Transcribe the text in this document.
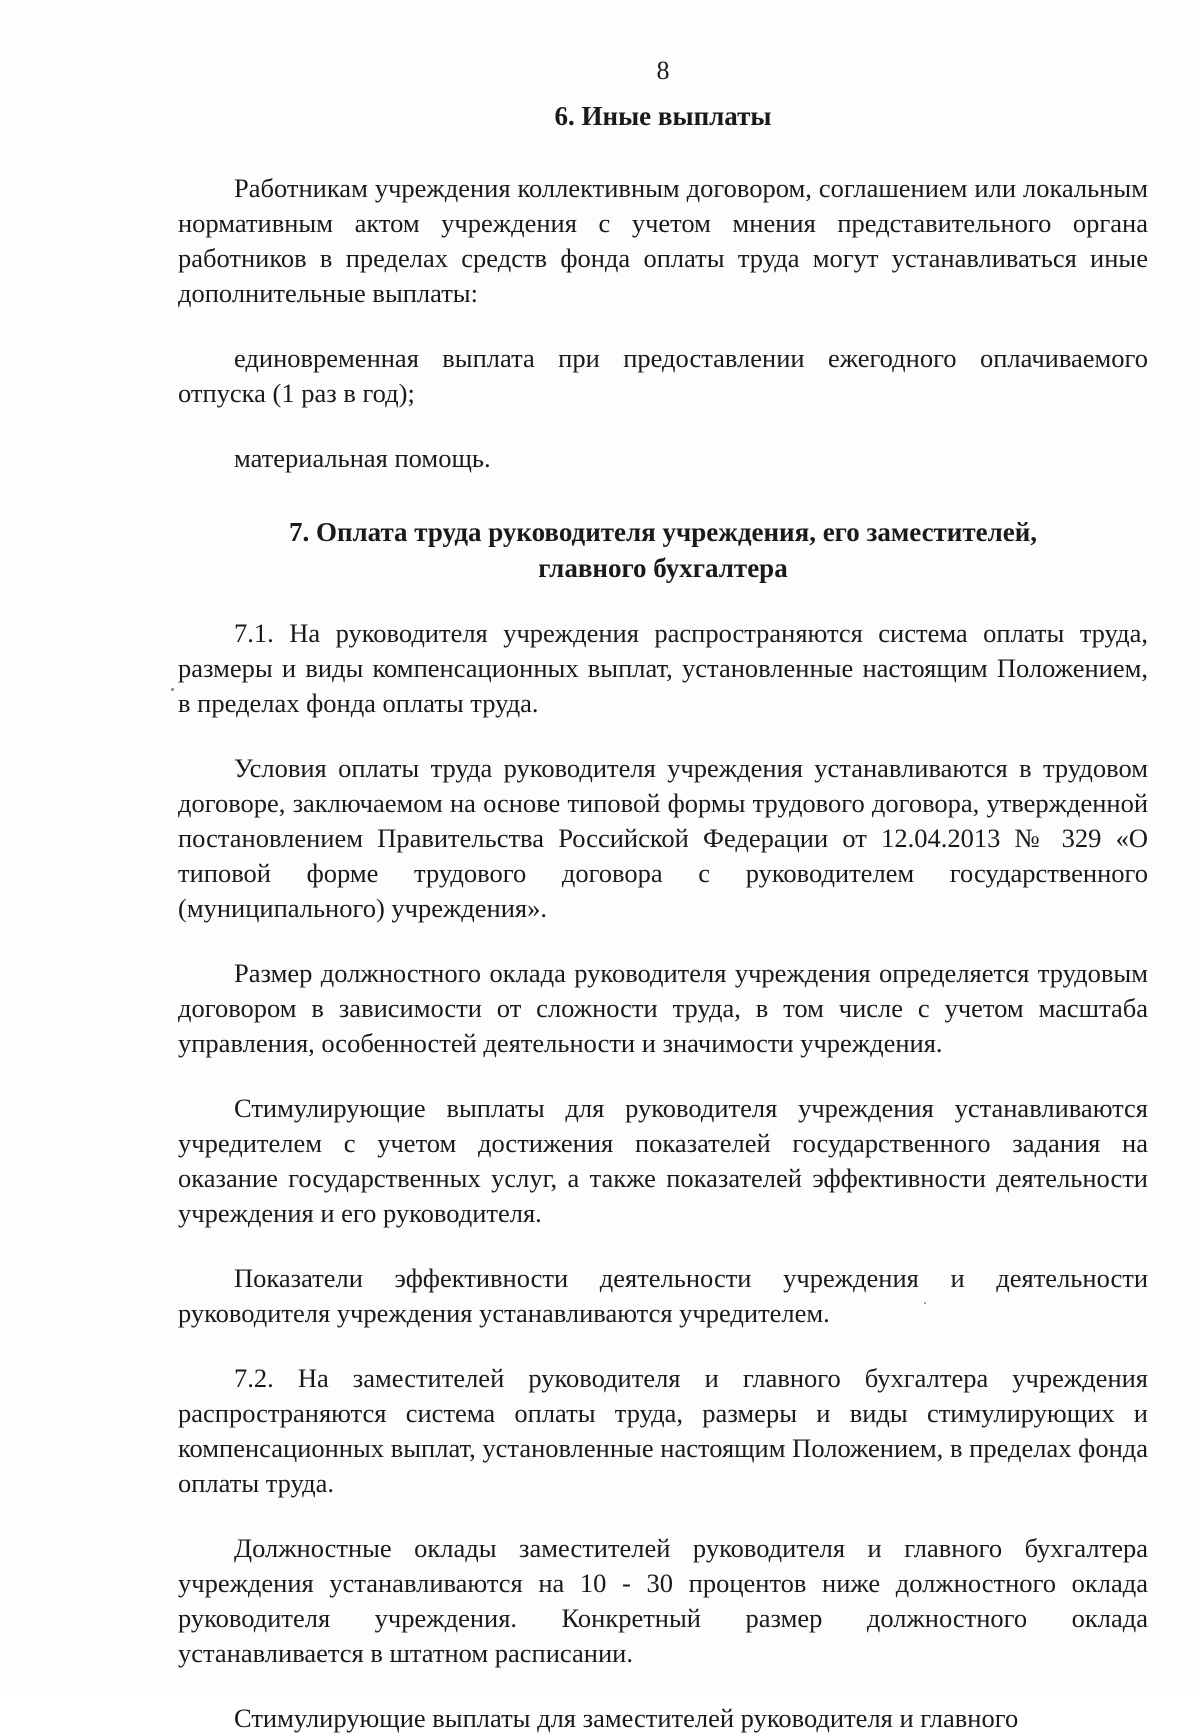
8
6. Иные выплаты

Работникам учреждения коллективным договором, соглашением или локальным нормативным актом учреждения с учетом мнения представительного органа работников в пределах средств фонда оплаты труда могут устанавливаться иные дополнительные выплаты:

единовременная выплата при предоставлении ежегодного оплачиваемого отпуска (1 раз в год);

материальная помощь.

7. Оплата труда руководителя учреждения, его заместителей,
главного бухгалтера

7.1. На руководителя учреждения распространяются система оплаты труда, размеры и виды компенсационных выплат, установленные настоящим Положением, в пределах фонда оплаты труда.

Условия оплаты труда руководителя учреждения устанавливаются в трудовом договоре, заключаемом на основе типовой формы трудового договора, утвержденной постановлением Правительства Российской Федерации от 12.04.2013 № 329 «О типовой форме трудового договора с руководителем государственного (муниципального) учреждения».

Размер должностного оклада руководителя учреждения определяется трудовым договором в зависимости от сложности труда, в том числе с учетом масштаба управления, особенностей деятельности и значимости учреждения.

Стимулирующие выплаты для руководителя учреждения устанавливаются учредителем с учетом достижения показателей государственного задания на оказание государственных услуг, а также показателей эффективности деятельности учреждения и его руководителя.

Показатели эффективности деятельности учреждения и деятельности руководителя учреждения устанавливаются учредителем.

7.2. На заместителей руководителя и главного бухгалтера учреждения распространяются система оплаты труда, размеры и виды стимулирующих и компенсационных выплат, установленные настоящим Положением, в пределах фонда оплаты труда.

Должностные оклады заместителей руководителя и главного бухгалтера учреждения устанавливаются на 10 - 30 процентов ниже должностного оклада руководителя учреждения. Конкретный размер должностного оклада устанавливается в штатном расписании.

Стимулирующие выплаты для заместителей руководителя и главного
